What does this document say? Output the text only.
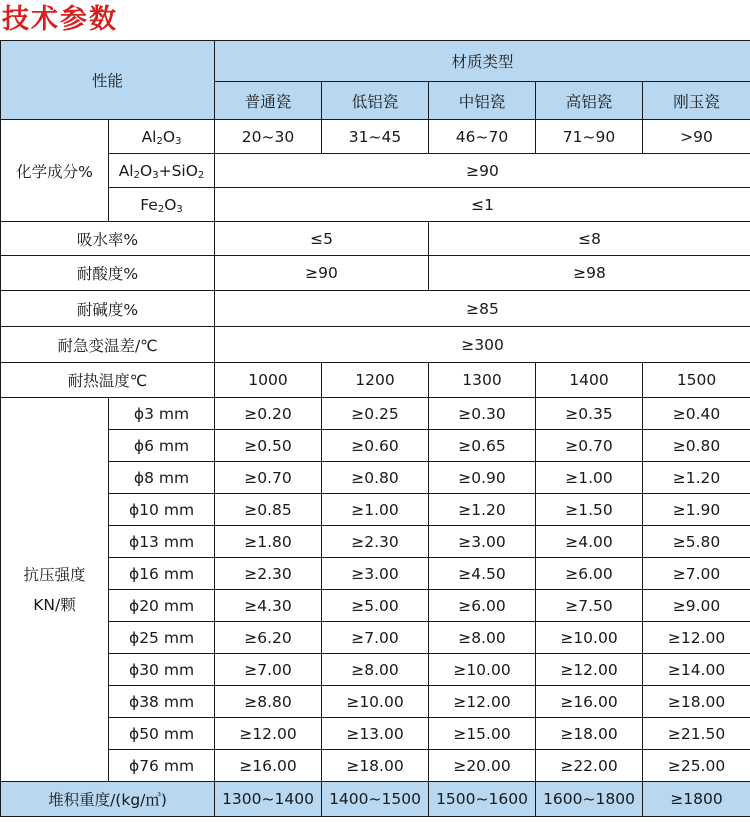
技术参数
性能		材质类型				
		普通瓷	低铝瓷	中铝瓷	高铝瓷	刚玉瓷
化学成分%	$Al_2O_3$	20~30	31~45	46~70	71~90	>90
	$Al_2O_3+SiO_2$	≥90				
	$Fe_2O_3$	≤1				
吸水率%		≤5		≤8		
耐酸度%		≥90		≥98		
耐碱度%		≥85				
耐急变温差/℃		≥300				
耐热温度℃		1000	1200	1300	1400	1500

抗压强度
KN/颗	ϕ3 mm	≥0.20	≥0.25	≥0.30	≥0.35	≥0.40
	ϕ6 mm	≥0.50	≥0.60	≥0.65	≥0.70	≥0.80
	ϕ8 mm	≥0.70	≥0.80	≥0.90	≥1.00	≥1.20
	ϕ10 mm	≥0.85	≥1.00	≥1.20	≥1.50	≥1.90
	ϕ13 mm	≥1.80	≥2.30	≥3.00	≥4.00	≥5.80
	ϕ16 mm	≥2.30	≥3.00	≥4.50	≥6.00	≥7.00
	ϕ20 mm	≥4.30	≥5.00	≥6.00	≥7.50	≥9.00
	ϕ25 mm	≥6.20	≥7.00	≥8.00	≥10.00	≥12.00
	ϕ30 mm	≥7.00	≥8.00	≥10.00	≥12.00	≥14.00
	ϕ38 mm	≥8.80	≥10.00	≥12.00	≥16.00	≥18.00
	ϕ50 mm	≥12.00	≥13.00	≥15.00	≥18.00	≥21.50
	ϕ76 mm	≥16.00	≥18.00	≥20.00	≥22.00	≥25.00
堆积重度/(kg/㎥)		1300~1400	1400~1500	1500~1600	1600~1800	≥1800
